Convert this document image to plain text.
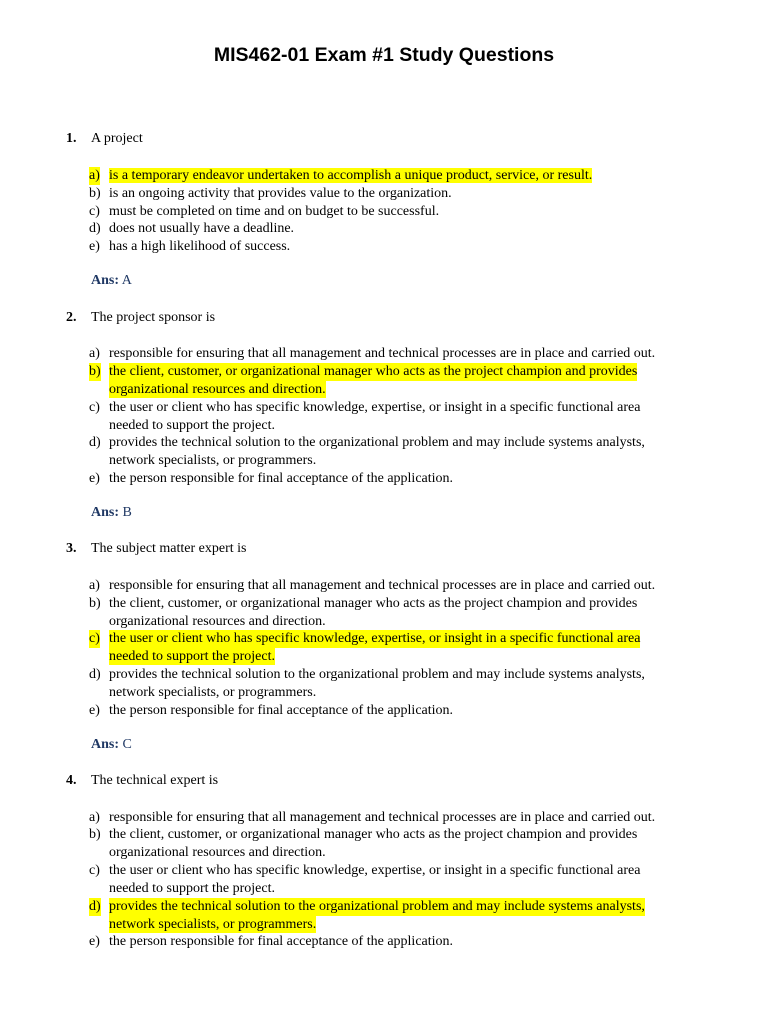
MIS462-01 Exam #1 Study Questions
1. A project
a) is a temporary endeavor undertaken to accomplish a unique product, service, or result.
b) is an ongoing activity that provides value to the organization.
c) must be completed on time and on budget to be successful.
d) does not usually have a deadline.
e) has a high likelihood of success.
Ans: A
2. The project sponsor is
a) responsible for ensuring that all management and technical processes are in place and carried out.
b) the client, customer, or organizational manager who acts as the project champion and provides
organizational resources and direction.
c) the user or client who has specific knowledge, expertise, or insight in a specific functional area
needed to support the project.
d) provides the technical solution to the organizational problem and may include systems analysts,
network specialists, or programmers.
e) the person responsible for final acceptance of the application.
Ans: B
3. The subject matter expert is
a) responsible for ensuring that all management and technical processes are in place and carried out.
b) the client, customer, or organizational manager who acts as the project champion and provides
organizational resources and direction.
c) the user or client who has specific knowledge, expertise, or insight in a specific functional area
needed to support the project.
d) provides the technical solution to the organizational problem and may include systems analysts,
network specialists, or programmers.
e) the person responsible for final acceptance of the application.
Ans: C
4. The technical expert is
a) responsible for ensuring that all management and technical processes are in place and carried out.
b) the client, customer, or organizational manager who acts as the project champion and provides
organizational resources and direction.
c) the user or client who has specific knowledge, expertise, or insight in a specific functional area
needed to support the project.
d) provides the technical solution to the organizational problem and may include systems analysts,
network specialists, or programmers.
e) the person responsible for final acceptance of the application.
